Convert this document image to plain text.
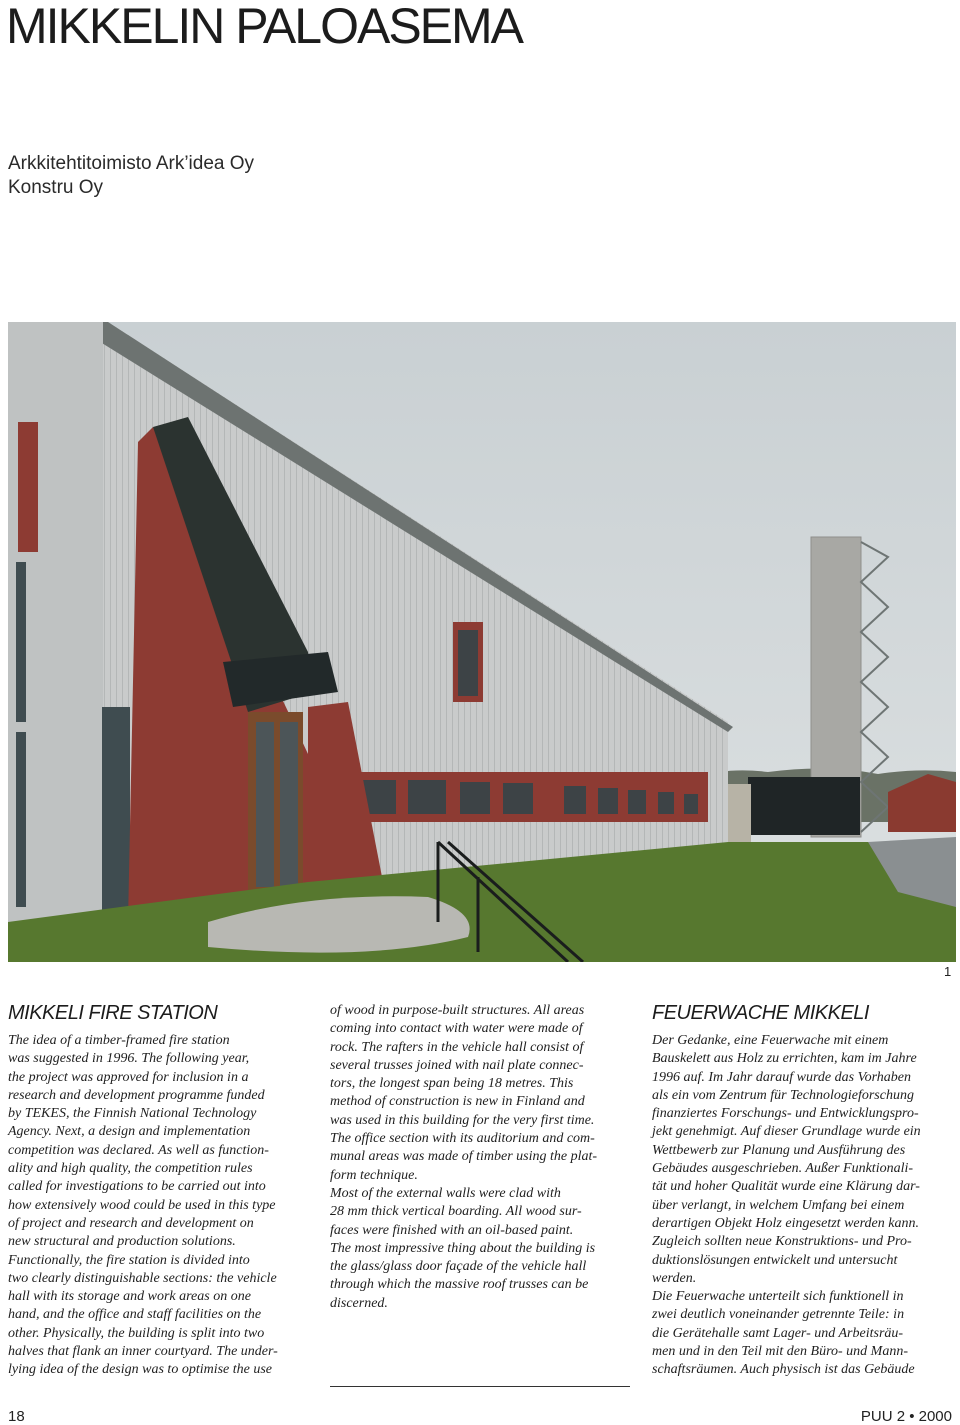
MIKKELIN PALOASEMA
Arkkitehtitoimisto Ark’idea Oy
Konstru Oy
1
MIKKELI FIRE STATION

The idea of a timber-framed fire station

was suggested in 1996. The following year,

the project was approved for inclusion in a

research and development programme funded

by TEKES, the Finnish National Technology

Agency. Next, a design and implementation

competition was declared. As well as function-

ality and high quality, the competition rules

called for investigations to be carried out into

how extensively wood could be used in this type

of project and research and development on

new structural and production solutions.

Functionally, the fire station is divided into

two clearly distinguishable sections: the vehicle

hall with its storage and work areas on one

hand, and the office and staff facilities on the

other. Physically, the building is split into two

halves that flank an inner courtyard. The under-

lying idea of the design was to optimise the use

of wood in purpose-built structures. All areas

coming into contact with water were made of

rock. The rafters in the vehicle hall consist of

several trusses joined with nail plate connec-

tors, the longest span being 18 metres. This

method of construction is new in Finland and

was used in this building for the very first time.

The office section with its auditorium and com-

munal areas was made of timber using the plat-

form technique.

Most of the external walls were clad with

28 mm thick vertical boarding. All wood sur-

faces were finished with an oil-based paint.

The most impressive thing about the building is

the glass/glass door façade of the vehicle hall

through which the massive roof trusses can be

discerned.

FEUERWACHE MIKKELI

Der Gedanke, eine Feuerwache mit einem

Bauskelett aus Holz zu errichten, kam im Jahre

1996 auf. Im Jahr darauf wurde das Vorhaben

als ein vom Zentrum für Technologieforschung

finanziertes Forschungs- und Entwicklungspro-

jekt genehmigt. Auf dieser Grundlage wurde ein

Wettbewerb zur Planung und Ausführung des

Gebäudes ausgeschrieben. Außer Funktionali-

tät und hoher Qualität wurde eine Klärung dar-

über verlangt, in welchem Umfang bei einem

derartigen Objekt Holz eingesetzt werden kann.

Zugleich sollten neue Konstruktions- und Pro-

duktionslösungen entwickelt und untersucht

werden.

Die Feuerwache unterteilt sich funktionell in

zwei deutlich voneinander getrennte Teile: in

die Gerätehalle samt Lager- und Arbeitsräu-

men und in den Teil mit den Büro- und Mann-

schaftsräumen. Auch physisch ist das Gebäude

18	PUU 2 • 2000
